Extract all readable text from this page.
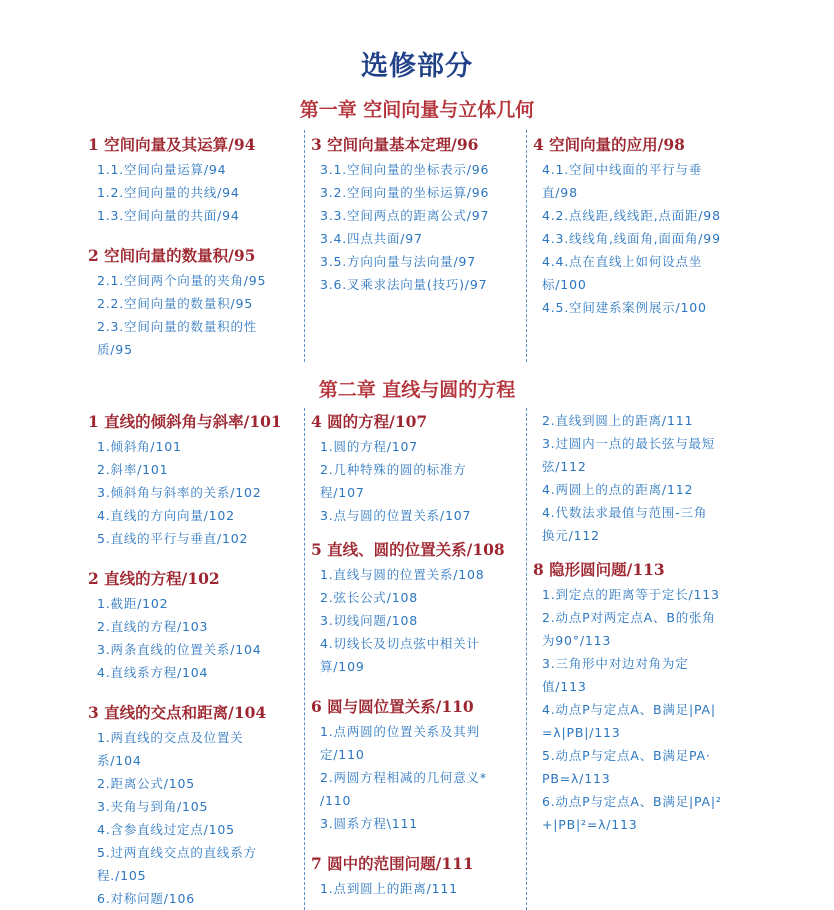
选修部分
第一章 空间向量与立体几何
1 空间向量及其运算/94
1.1.空间向量运算/94
1.2.空间向量的共线/94
1.3.空间向量的共面/94
2 空间向量的数量积/95
2.1.空间两个向量的夹角/95
2.2.空间向量的数量积/95
2.3.空间向量的数量积的性
质/95
3 空间向量基本定理/96
3.1.空间向量的坐标表示/96
3.2.空间向量的坐标运算/96
3.3.空间两点的距离公式/97
3.4.四点共面/97
3.5.方向向量与法向量/97
3.6.叉乘求法向量(技巧)/97
4 空间向量的应用/98
4.1.空间中线面的平行与垂
直/98
4.2.点线距,线线距,点面距/98
4.3.线线角,线面角,面面角/99
4.4.点在直线上如何设点坐
标/100
4.5.空间建系案例展示/100
第二章 直线与圆的方程
1 直线的倾斜角与斜率/101
1.倾斜角/101
2.斜率/101
3.倾斜角与斜率的关系/102
4.直线的方向向量/102
5.直线的平行与垂直/102
2 直线的方程/102
1.截距/102
2.直线的方程/103
3.两条直线的位置关系/104
4.直线系方程/104
3 直线的交点和距离/104
1.两直线的交点及位置关
系/104
2.距离公式/105
3.夹角与到角/105
4.含参直线过定点/105
5.过两直线交点的直线系方
程./105
6.对称问题/106
4 圆的方程/107
1.圆的方程/107
2.几种特殊的圆的标准方
程/107
3.点与圆的位置关系/107
5 直线、圆的位置关系/108
1.直线与圆的位置关系/108
2.弦长公式/108
3.切线问题/108
4.切线长及切点弦中相关计
算/109
6 圆与圆位置关系/110
1.点两圆的位置关系及其判
定/110
2.两圆方程相减的几何意义*
/110
3.圆系方程\111
7 圆中的范围问题/111
1.点到圆上的距离/111
2.直线到圆上的距离/111
3.过圆内一点的最长弦与最短
弦/112
4.两圆上的点的距离/112
4.代数法求最值与范围-三角
换元/112
8 隐形圆问题/113
1.到定点的距离等于定长/113
2.动点P对两定点A、B的张角
为90°/113
3.三角形中对边对角为定
值/113
4.动点P与定点A、B满足|PA|
=λ|PB|/113
5.动点P与定点A、B满足PA·
PB=λ/113
6.动点P与定点A、B满足|PA|²
+|PB|²=λ/113
